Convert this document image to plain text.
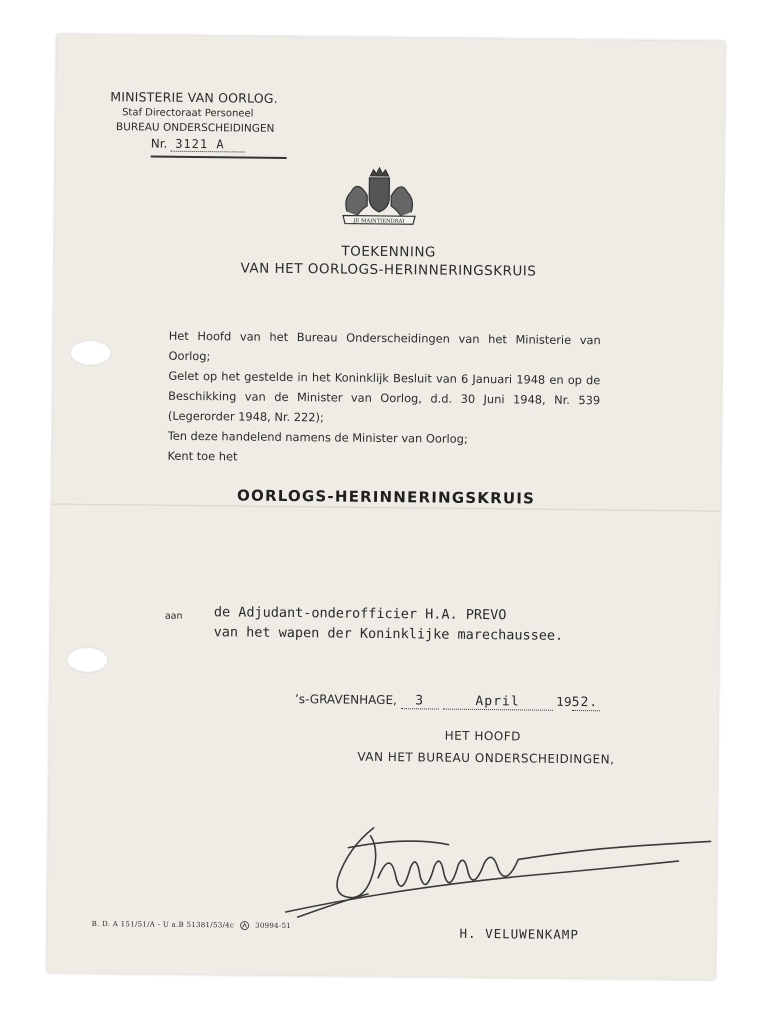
MINISTERIE VAN OORLOG.
Staf Directoraat Personeel
BUREAU ONDERSCHEIDINGEN
Nr. 3121 A
JE MAINTIENDRAI
TOEKENNING
VAN HET OORLOGS-HERINNERINGSKRUIS

Het Hoofd van het Bureau Onderscheidingen van het Ministerie van Oorlog;

Gelet op het gestelde in het Koninklijk Besluit van 6 Januari 1948 en op de Beschikking van de Minister van Oorlog, d.d. 30 Juni 1948, Nr. 539 (Legerorder 1948, Nr. 222);

Ten deze handelend namens de Minister van Oorlog;

Kent toe het

OORLOGS-HERINNERINGSKRUIS
aan de Adjudant-onderofficier H.A. PREVO
van het wapen der Koninklijke marechaussee.
’s-GRAVENHAGE, 3	April	1952.
HET HOOFD
VAN HET BUREAU ONDERSCHEIDINGEN,
B. D. A 151/51/A - U a.B 51381/53/4c	30994-51	H. VELUWENKAMP
